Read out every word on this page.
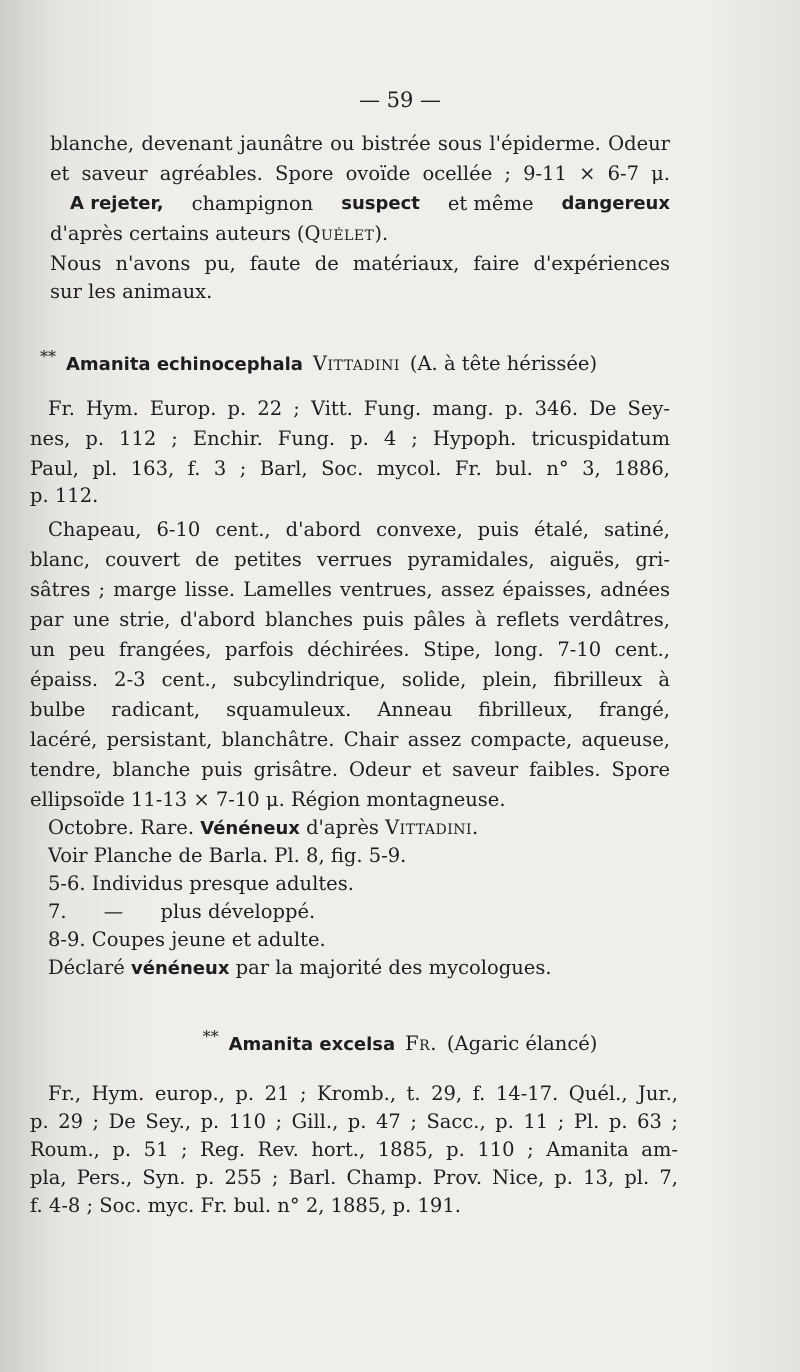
— 59 —
blanche, devenant jaunâtre ou bistrée sous l'épiderme. Odeur
et saveur agréables. Spore ovoïde ocellée ; 9-11 × 6-7 μ.
A rejeter, champignon suspect et même dangereux
d'après certains auteurs (Quélet).
Nous n'avons pu, faute de matériaux, faire d'expériences
sur les animaux.
** Amanita echinocephala Vittadini (A. à tête hérissée)
Fr. Hym. Europ. p. 22 ; Vitt. Fung. mang. p. 346. De Sey-
nes, p. 112 ; Enchir. Fung. p. 4 ; Hypoph. tricuspidatum
Paul, pl. 163, f. 3 ; Barl, Soc. mycol. Fr. bul. n° 3, 1886,
p. 112.
Chapeau, 6-10 cent., d'abord convexe, puis étalé, satiné,
blanc, couvert de petites verrues pyramidales, aiguës, gri-
sâtres ; marge lisse. Lamelles ventrues, assez épaisses, adnées
par une strie, d'abord blanches puis pâles à reflets verdâtres,
un peu frangées, parfois déchirées. Stipe, long. 7-10 cent.,
épaiss. 2-3 cent., subcylindrique, solide, plein, fibrilleux à
bulbe radicant, squamuleux. Anneau fibrilleux, frangé,
lacéré, persistant, blanchâtre. Chair assez compacte, aqueuse,
tendre, blanche puis grisâtre. Odeur et saveur faibles. Spore
ellipsoïde 11-13 × 7-10 μ. Région montagneuse.
Octobre. Rare. Vénéneux d'après Vittadini.
Voir Planche de Barla. Pl. 8, fig. 5-9.
5-6. Individus presque adultes.
7.      —      plus développé.
8-9. Coupes jeune et adulte.
Déclaré vénéneux par la majorité des mycologues.
** Amanita excelsa Fr. (Agaric élancé)
Fr., Hym. europ., p. 21 ; Kromb., t. 29, f. 14-17. Quél., Jur.,
p. 29 ; De Sey., p. 110 ; Gill., p. 47 ; Sacc., p. 11 ; Pl. p. 63 ;
Roum., p. 51 ; Reg. Rev. hort., 1885, p. 110 ; Amanita am-
pla, Pers., Syn. p. 255 ; Barl. Champ. Prov. Nice, p. 13, pl. 7,
f. 4-8 ; Soc. myc. Fr. bul. n° 2, 1885, p. 191.
